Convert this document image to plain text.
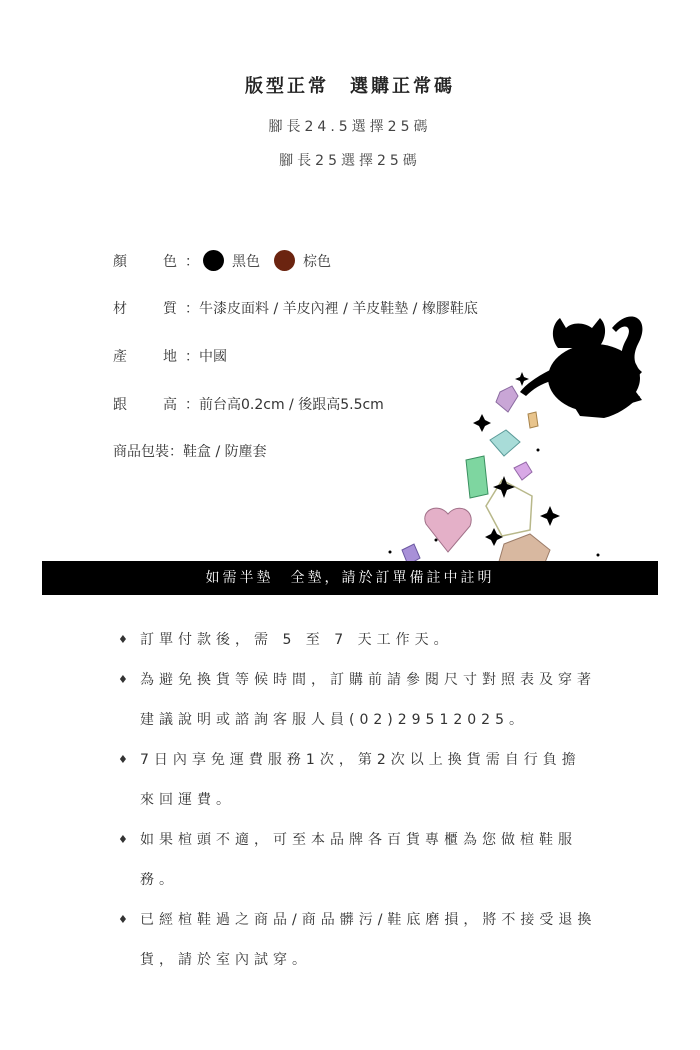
版型正常　選購正常碼
腳長24.5選擇25碼
腳長25選擇25碼
顏	色 ： 黑色	棕色
材	質 ： 牛漆皮面料 / 羊皮內裡 / 羊皮鞋墊 / 橡膠鞋底
產	地 ： 中國
跟	高 ： 前台高0.2cm / 後跟高5.5cm
商品包裝 ： 鞋盒 / 防塵套
如需半墊　全墊，請於訂單備註中註明
♦ 訂單付款後，需 5 至 7 天工作天。
♦ 為避免換貨等候時間，訂購前請參閱尺寸對照表及穿著建議說明或諮詢客服人員(02)29512025。
♦ 7日內享免運費服務1次，第2次以上換貨需自行負擔來回運費。
♦ 如果楦頭不適，可至本品牌各百貨專櫃為您做楦鞋服務。
♦ 已經楦鞋過之商品/商品髒污/鞋底磨損，將不接受退換貨，請於室內試穿。
